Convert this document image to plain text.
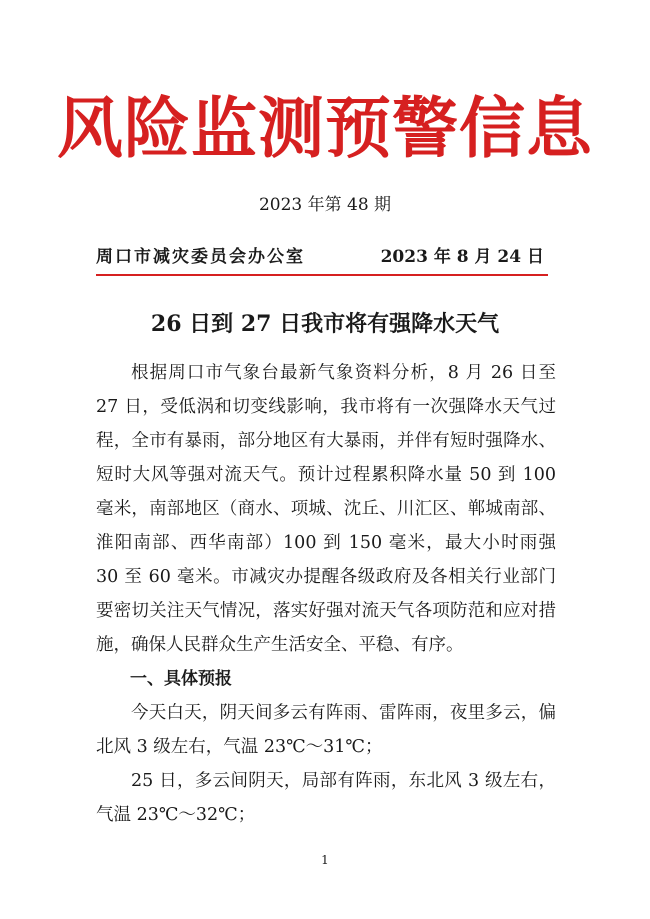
风险监测预警信息
2023 年第 48 期
周口市减灾委员会办公室	2023 年 8 月 24 日
26 日到 27 日我市将有强降水天气

根据周口市气象台最新气象资料分析，8 月 26 日至 27 日，受低涡和切变线影响，我市将有一次强降水天气过程，全市有暴雨，部分地区有大暴雨，并伴有短时强降水、短时大风等强对流天气。预计过程累积降水量 50 到 100 毫米，南部地区（商水、项城、沈丘、川汇区、郸城南部、淮阳南部、西华南部）100 到 150 毫米，最大小时雨强 30 至 60 毫米。市减灾办提醒各级政府及各相关行业部门要密切关注天气情况，落实好强对流天气各项防范和应对措施，确保人民群众生产生活安全、平稳、有序。

一、具体预报

今天白天，阴天间多云有阵雨、雷阵雨，夜里多云，偏北风 3 级左右，气温 23℃～31℃；

25 日，多云间阴天，局部有阵雨，东北风 3 级左右，气温 23℃～32℃；

1
